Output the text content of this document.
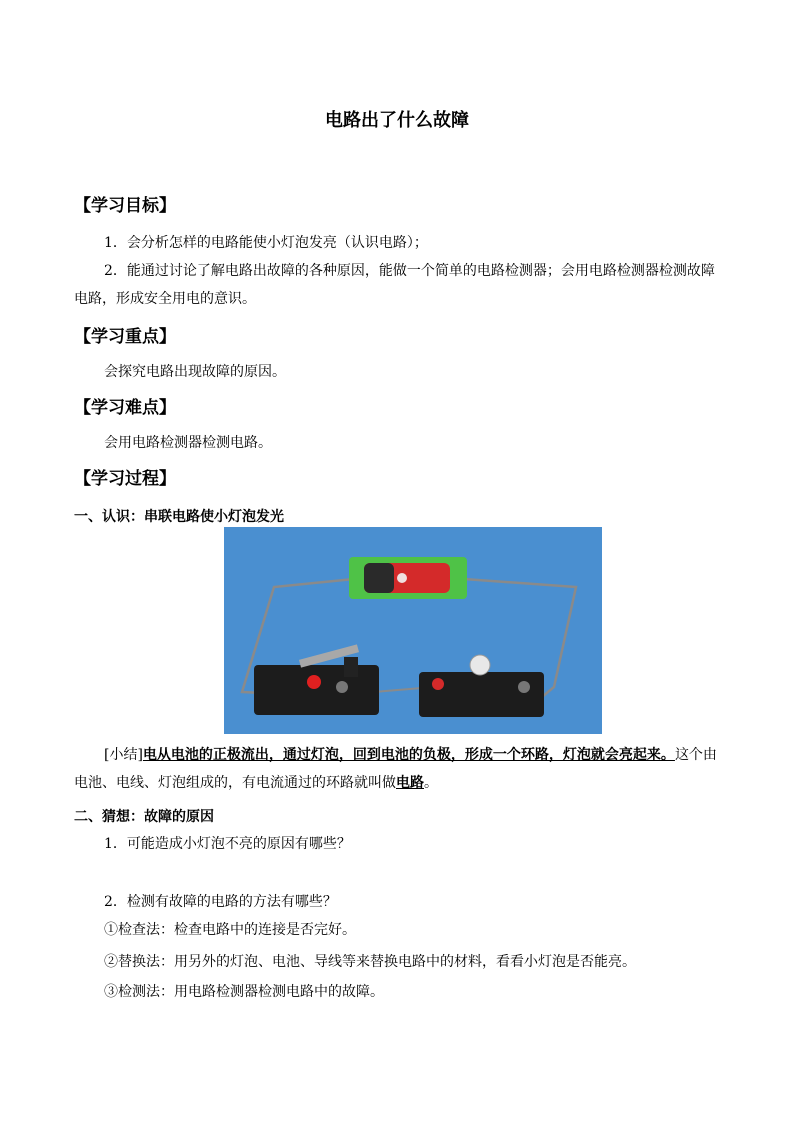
电路出了什么故障
【学习目标】
1．会分析怎样的电路能使小灯泡发亮（认识电路）；
2．能通过讨论了解电路出故障的各种原因，能做一个简单的电路检测器；会用电路检测器检测故障电路，形成安全用电的意识。
【学习重点】
会探究电路出现故障的原因。
【学习难点】
会用电路检测器检测电路。
【学习过程】
一、认识：串联电路使小灯泡发光
[小结]电从电池的正极流出，通过灯泡，回到电池的负极，形成一个环路，灯泡就会亮起来。这个由电池、电线、灯泡组成的，有电流通过的环路就叫做电路。
二、猜想：故障的原因
1．可能造成小灯泡不亮的原因有哪些？
2．检测有故障的电路的方法有哪些？
①检查法：检查电路中的连接是否完好。
②替换法：用另外的灯泡、电池、导线等来替换电路中的材料，看看小灯泡是否能亮。
③检测法：用电路检测器检测电路中的故障。
